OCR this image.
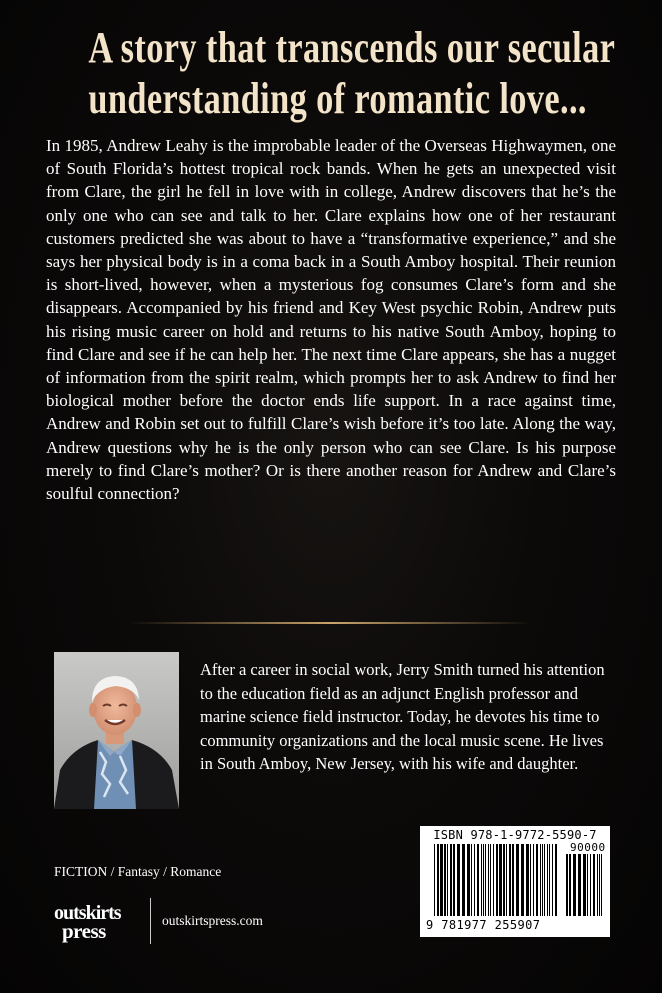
A story that transcends our secular
understanding of romantic love...

In 1985, Andrew Leahy is the improbable leader of the Overseas Highwaymen, one of South Florida’s hottest tropical rock bands. When he gets an unexpected visit from Clare, the girl he fell in love with in college, Andrew discovers that he’s the only one who can see and talk to her. Clare explains how one of her restaurant customers predicted she was about to have a “transformative experience,” and she says her physical body is in a coma back in a South Amboy hospital. Their reunion is short-lived, however, when a mysterious fog consumes Clare’s form and she disappears. Accompanied by his friend and Key West psychic Robin, Andrew puts his rising music career on hold and returns to his native South Amboy, hoping to find Clare and see if he can help her. The next time Clare appears, she has a nugget of information from the spirit realm, which prompts her to ask Andrew to find her biological mother before the doctor ends life support. In a race against time, Andrew and Robin set out to fulfill Clare’s wish before it’s too late. Along the way, Andrew questions why he is the only person who can see Clare. Is his purpose merely to find Clare’s mother? Or is there another reason for Andrew and Clare’s soulful connection?

After a career in social work, Jerry Smith turned his attention to the education field as an adjunct English professor and marine science field instructor. Today, he devotes his time to community organizations and the local music scene. He lives in South Amboy, New Jersey, with his wife and daughter.

FICTION / Fantasy / Romance
outskirts
press	outskirtspress.com
ISBN 978-1-9772-5590-7
90000
9 781977 255907
